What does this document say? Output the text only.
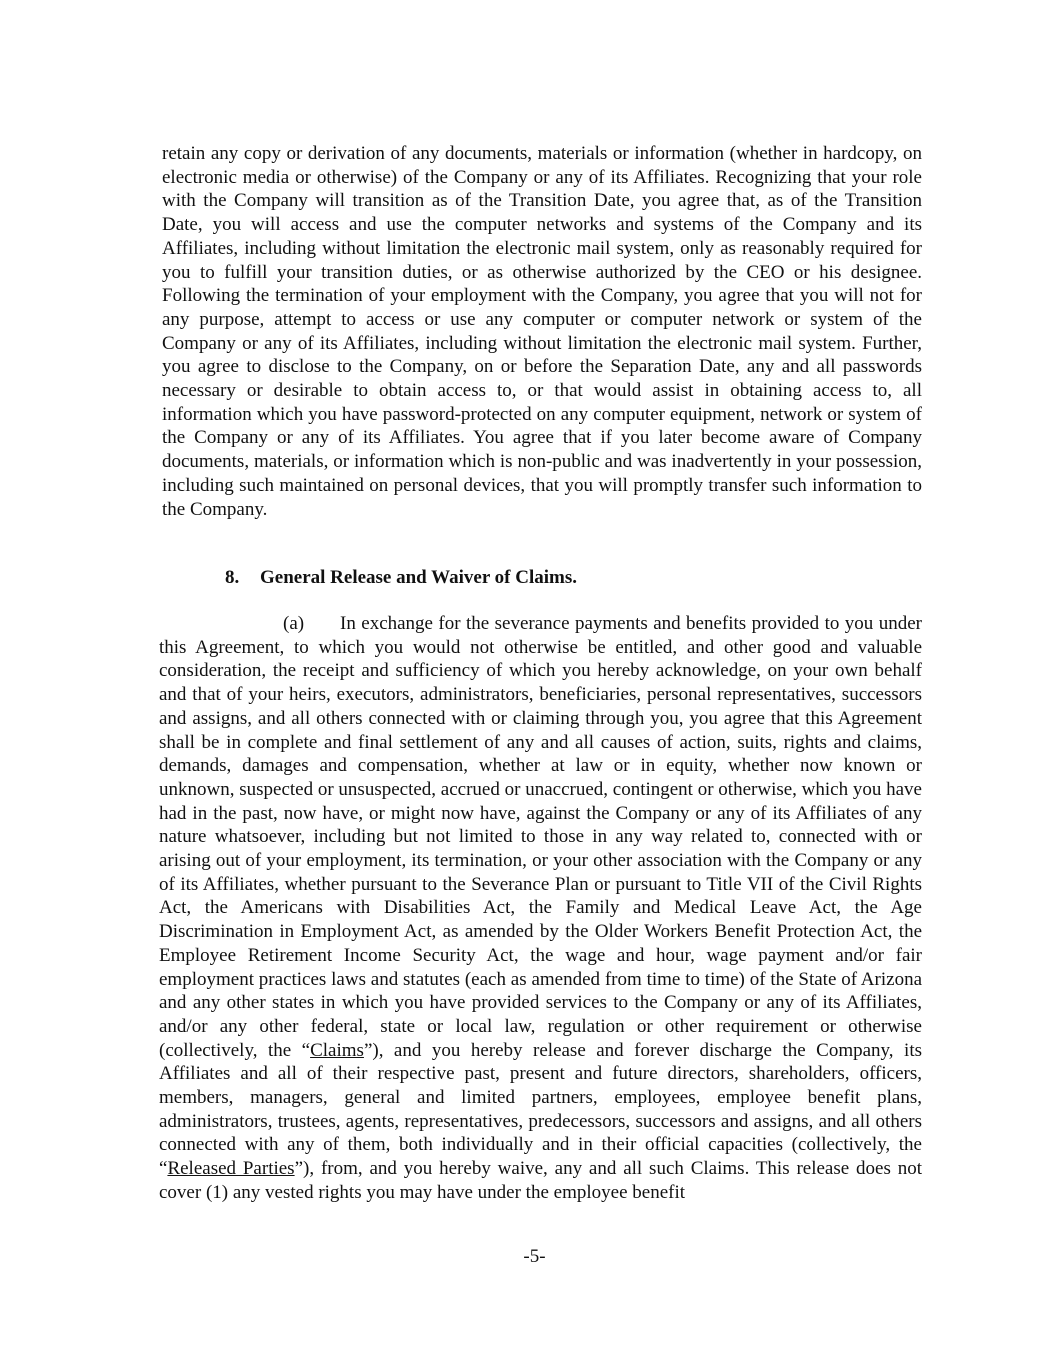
retain any copy or derivation of any documents, materials or information (whether in hardcopy, on electronic media or otherwise) of the Company or any of its Affiliates. Recognizing that your role with the Company will transition as of the Transition Date, you agree that, as of the Transition Date, you will access and use the computer networks and systems of the Company and its Affiliates, including without limitation the electronic mail system, only as reasonably required for you to fulfill your transition duties, or as otherwise authorized by the CEO or his designee. Following the termination of your employment with the Company, you agree that you will not for any purpose, attempt to access or use any computer or computer network or system of the Company or any of its Affiliates, including without limitation the electronic mail system. Further, you agree to disclose to the Company, on or before the Separation Date, any and all passwords necessary or desirable to obtain access to, or that would assist in obtaining access to, all information which you have password-protected on any computer equipment, network or system of the Company or any of its Affiliates. You agree that if you later become aware of Company documents, materials, or information which is non-public and was inadvertently in your possession, including such maintained on personal devices, that you will promptly transfer such information to the Company.

8. General Release and Waiver of Claims.

(a) In exchange for the severance payments and benefits provided to you under this Agreement, to which you would not otherwise be entitled, and other good and valuable consideration, the receipt and sufficiency of which you hereby acknowledge, on your own behalf and that of your heirs, executors, administrators, beneficiaries, personal representatives, successors and assigns, and all others connected with or claiming through you, you agree that this Agreement shall be in complete and final settlement of any and all causes of action, suits, rights and claims, demands, damages and compensation, whether at law or in equity, whether now known or unknown, suspected or unsuspected, accrued or unaccrued, contingent or otherwise, which you have had in the past, now have, or might now have, against the Company or any of its Affiliates of any nature whatsoever, including but not limited to those in any way related to, connected with or arising out of your employment, its termination, or your other association with the Company or any of its Affiliates, whether pursuant to the Severance Plan or pursuant to Title VII of the Civil Rights Act, the Americans with Disabilities Act, the Family and Medical Leave Act, the Age Discrimination in Employment Act, as amended by the Older Workers Benefit Protection Act, the Employee Retirement Income Security Act, the wage and hour, wage payment and/or fair employment practices laws and statutes (each as amended from time to time) of the State of Arizona and any other states in which you have provided services to the Company or any of its Affiliates, and/or any other federal, state or local law, regulation or other requirement or otherwise (collectively, the “Claims”), and you hereby release and forever discharge the Company, its Affiliates and all of their respective past, present and future directors, shareholders, officers, members, managers, general and limited partners, employees, employee benefit plans, administrators, trustees, agents, representatives, predecessors, successors and assigns, and all others connected with any of them, both individually and in their official capacities (collectively, the “Released Parties”), from, and you hereby waive, any and all such Claims. This release does not cover (1) any vested rights you may have under the employee benefit

-5-
